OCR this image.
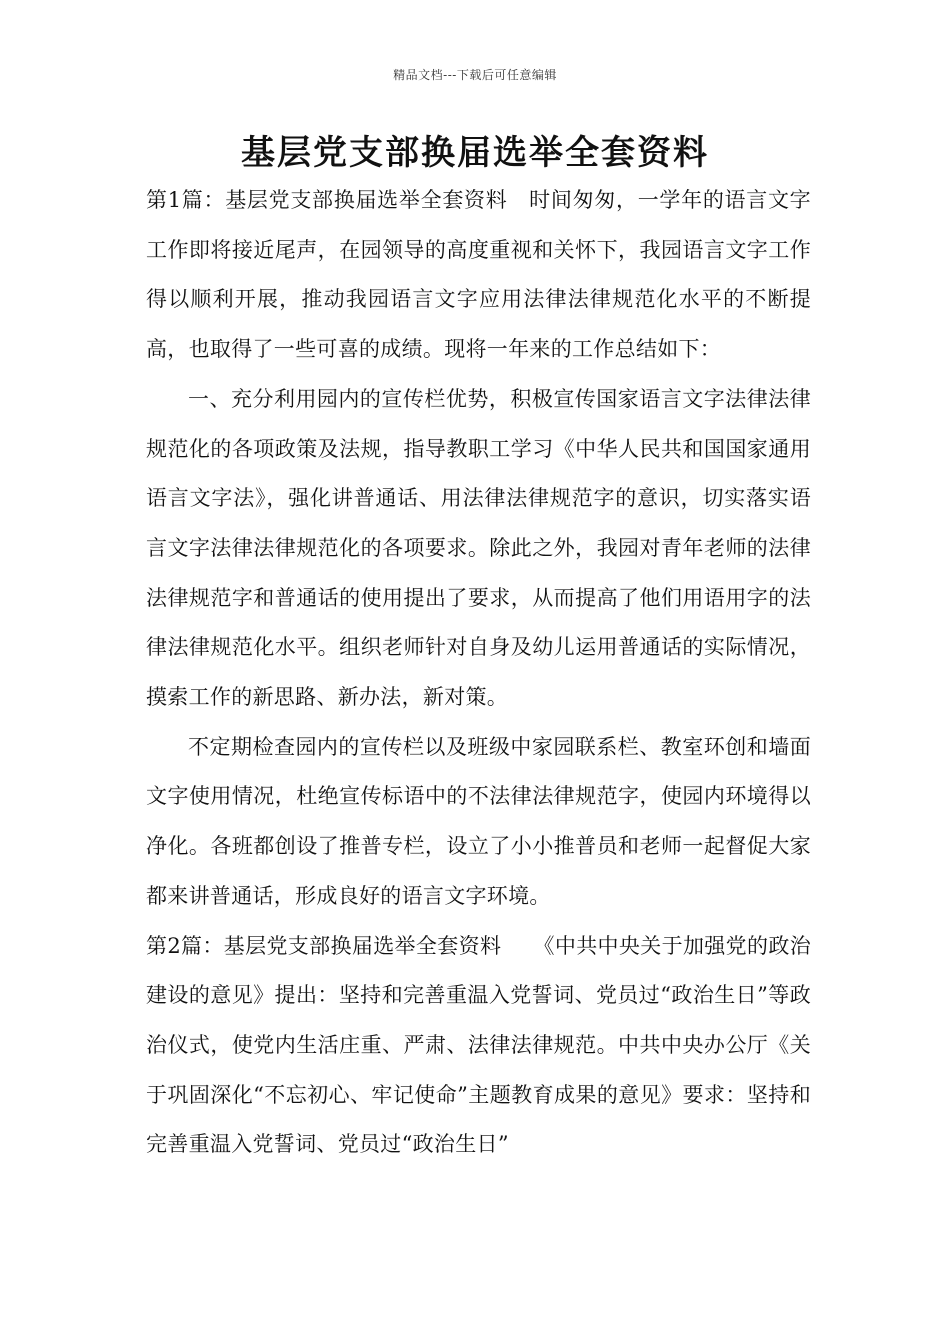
精品文档---下载后可任意编辑
基层党支部换届选举全套资料

第1篇：基层党支部换届选举全套资料　时间匆匆，一学年的语言文字工作即将接近尾声，在园领导的高度重视和关怀下，我园语言文字工作得以顺利开展，推动我园语言文字应用法律法律规范化水平的不断提高，也取得了一些可喜的成绩。现将一年来的工作总结如下：

一、充分利用园内的宣传栏优势，积极宣传国家语言文字法律法律规范化的各项政策及法规，指导教职工学习《中华人民共和国国家通用语言文字法》，强化讲普通话、用法律法律规范字的意识，切实落实语言文字法律法律规范化的各项要求。除此之外，我园对青年老师的法律法律规范字和普通话的使用提出了要求，从而提高了他们用语用字的法律法律规范化水平。组织老师针对自身及幼儿运用普通话的实际情况，摸索工作的新思路、新办法，新对策。

不定期检查园内的宣传栏以及班级中家园联系栏、教室环创和墙面文字使用情况，杜绝宣传标语中的不法律法律规范字，使园内环境得以净化。各班都创设了推普专栏，设立了小小推普员和老师一起督促大家都来讲普通话，形成良好的语言文字环境。

第2篇：基层党支部换届选举全套资料　　《中共中央关于加强党的政治建设的意见》提出：坚持和完善重温入党誓词、党员过“政治生日”等政治仪式，使党内生活庄重、严肃、法律法律规范。中共中央办公厅《关于巩固深化“不忘初心、牢记使命”主题教育成果的意见》要求：坚持和完善重温入党誓词、党员过“政治生日”
